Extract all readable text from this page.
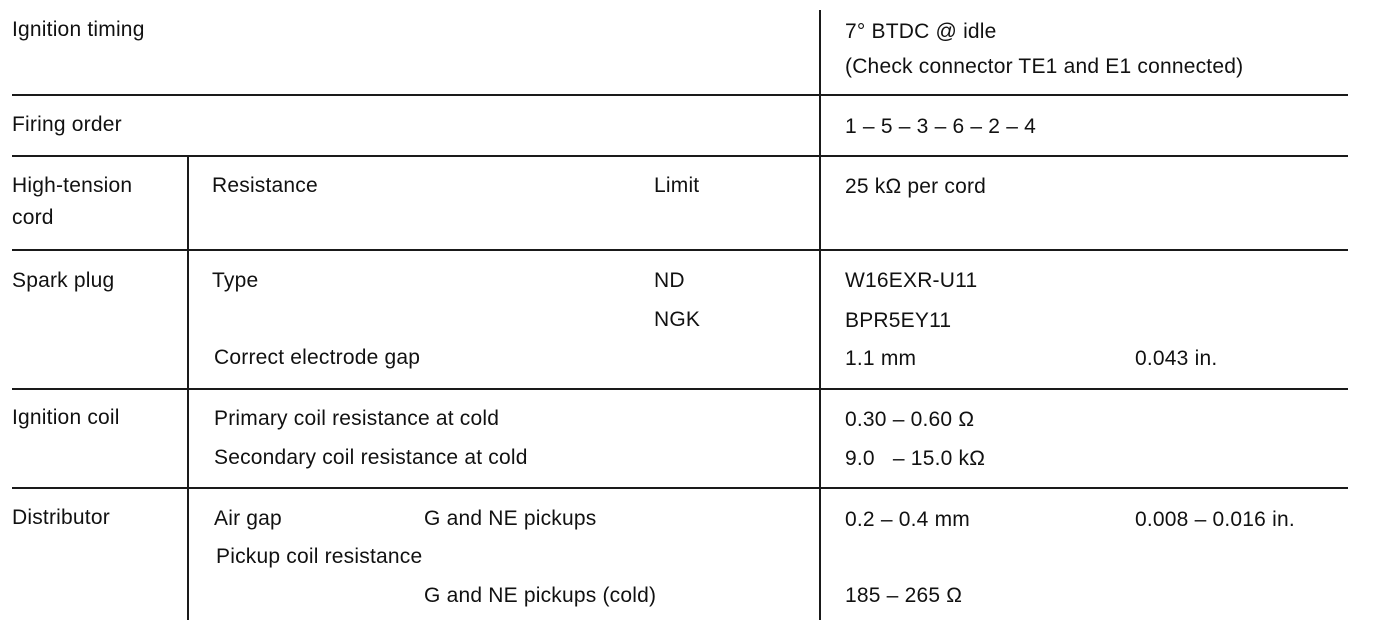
Ignition timing	7° BTDC @ idle
(Check connector TE1 and E1 connected)
Firing order	1 – 5 – 3 – 6 – 2 – 4
High-tension
cord
Resistance	Limit	25 kΩ per cord
Spark plug	Type	ND	W16EXR-U11
NGK	BPR5EY11
Correct electrode gap	1.1 mm	0.043 in.
Ignition coil	Primary coil resistance at cold	0.30 – 0.60 Ω
Secondary coil resistance at cold	9.0   – 15.0 kΩ
Distributor	Air gap	G and NE pickups	0.2 – 0.4 mm	0.008 – 0.016 in.
Pickup coil resistance
G and NE pickups (cold)	185 – 265 Ω
